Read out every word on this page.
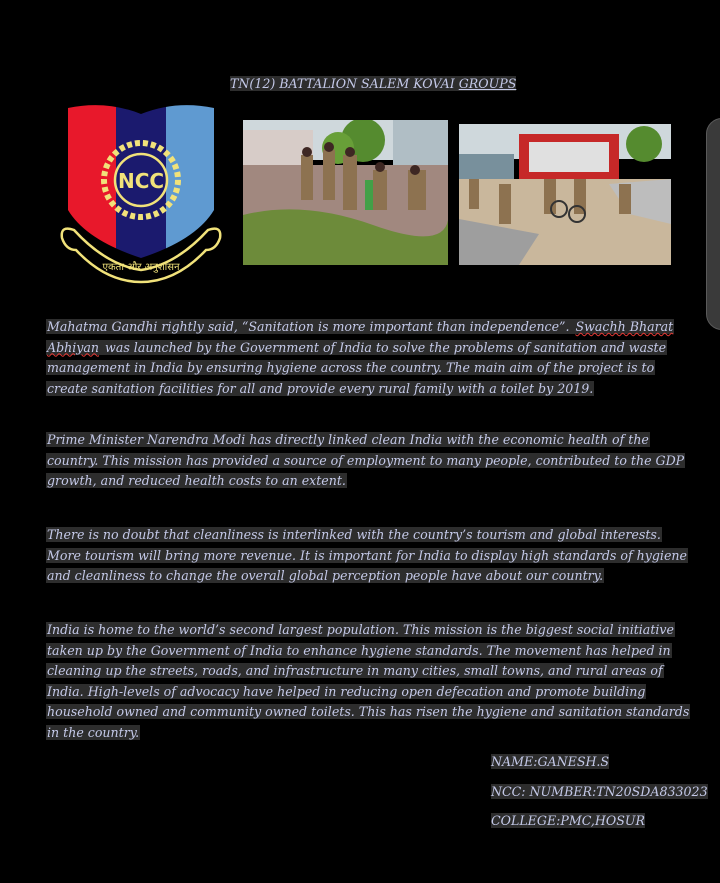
TN(12) BATTALION SALEM KOVAI GROUPS
NCC
एकता और अनुशासन

Mahatma Gandhi rightly said, “Sanitation is more important than independence”. Swachh Bharat
Abhiyan was launched by the Government of India to solve the problems of sanitation and waste management in India by ensuring hygiene across the country. The main aim of the project is to create sanitation facilities for all and provide every rural family with a toilet by 2019.

Prime Minister Narendra Modi has directly linked clean India with the economic health of the country. This mission has provided a source of employment to many people, contributed to the GDP growth, and reduced health costs to an extent.

There is no doubt that cleanliness is interlinked with the country’s tourism and global interests. More tourism will bring more revenue. It is important for India to display high standards of hygiene and cleanliness to change the overall global perception people have about our country.

India is home to the world’s second largest population. This mission is the biggest social initiative taken up by the Government of India to enhance hygiene standards. The movement has helped in cleaning up the streets, roads, and infrastructure in many cities, small towns, and rural areas of India. High-levels of advocacy have helped in reducing open defecation and promote building household owned and community owned toilets. This has risen the hygiene and sanitation standards in the country.

NAME:GANESH.S
NCC: NUMBER:TN20SDA833023
COLLEGE:PMC,HOSUR
